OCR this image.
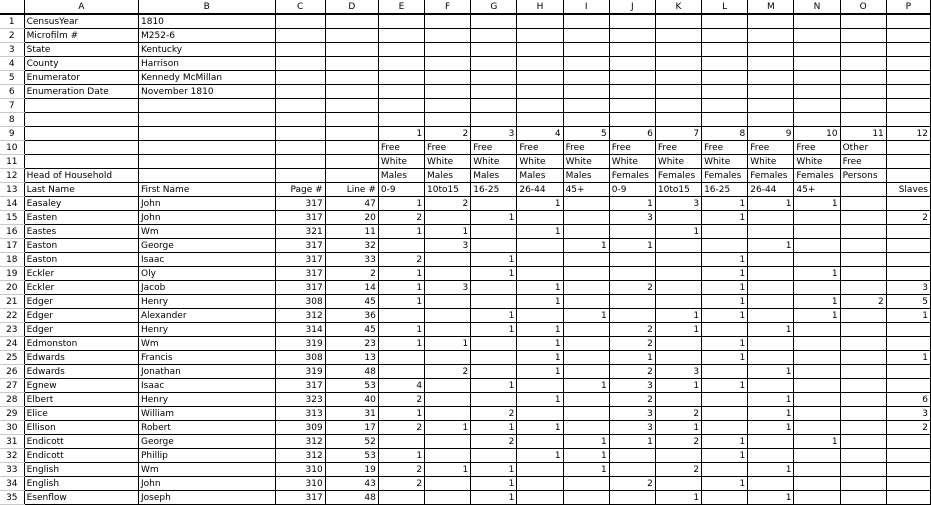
	A	B	C	D	E	F	G	H	I	J	K	L	M	N	O	P
1	CensusYear	1810														
2	Microfilm #	M252-6														
3	State	Kentucky														
4	County	Harrison														
5	Enumerator	Kennedy McMillan														
6	Enumeration Date	November 1810														
7																
8																
9					1	2	3	4	5	6	7	8	9	10	11	12
10					Free	Free	Free	Free	Free	Free	Free	Free	Free	Free	Other	
11					White	White	White	White	White	White	White	White	White	White	Free	
12	Head of Household				Males	Males	Males	Males	Males	Females	Females	Females	Females	Females	Persons	
13	Last Name	First Name	Page #	Line #	0-9	10to15	16-25	26-44	45+	0-9	10to15	16-25	26-44	45+		Slaves
14	Easaley	John	317	47	1	2		1		1	3	1	1	1		
15	Easten	John	317	20	2		1			3		1				2
16	Eastes	Wm	321	11	1	1		1			1					
17	Easton	George	317	32		3			1	1			1			
18	Easton	Isaac	317	33	2		1					1				
19	Eckler	Oly	317	2	1		1					1		1		
20	Eckler	Jacob	317	14	1	3		1		2		1				3
21	Edger	Henry	308	45	1			1				1		1	2	5
22	Edger	Alexander	312	36			1		1		1	1		1		1
23	Edger	Henry	314	45	1		1	1		2	1		1			
24	Edmonston	Wm	319	23	1	1		1		2		1				
25	Edwards	Francis	308	13				1		1		1				1
26	Edwards	Jonathan	319	48		2		1		2	3		1			
27	Egnew	Isaac	317	53	4		1		1	3	1	1				
28	Elbert	Henry	323	40	2			1		2			1			6
29	Elice	William	313	31	1		2			3	2		1			3
30	Ellison	Robert	309	17	2	1	1	1		3	1		1			2
31	Endicott	George	312	52			2		1	1	2	1		1		
32	Endicott	Phillip	312	53	1			1	1			1				
33	English	Wm	310	19	2	1	1		1		2		1			
34	English	John	310	43	2		1			2		1				
35	Esenflow	Joseph	317	48			1				1		1			
